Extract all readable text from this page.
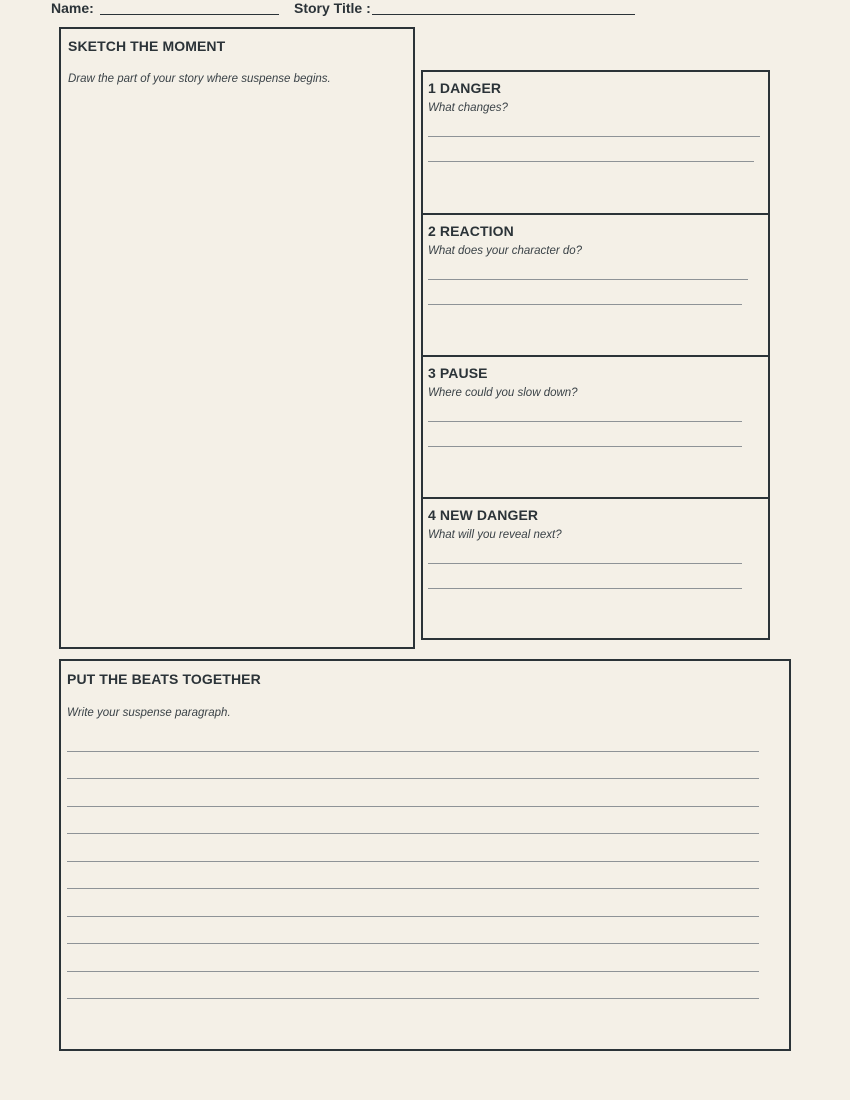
Name:	Story Title :
SKETCH THE MOMENT
Draw the part of your story where suspense begins.
1 DANGER
What changes?
2 REACTION
What does your character do?
3 PAUSE
Where could you slow down?
4 NEW DANGER
What will you reveal next?
PUT THE BEATS TOGETHER
Write your suspense paragraph.
